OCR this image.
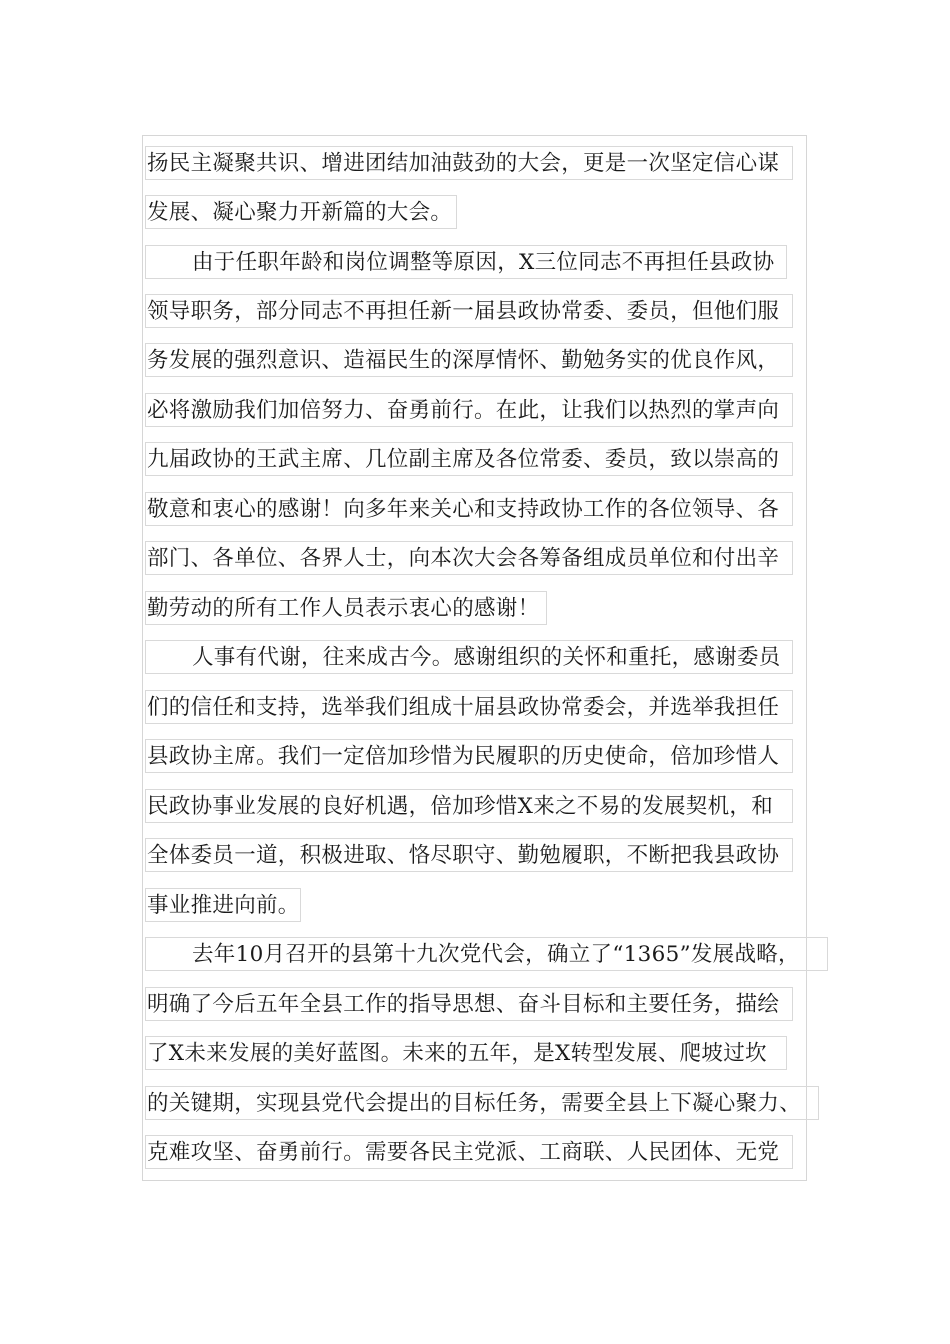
扬民主凝聚共识、增进团结加油鼓劲的大会，更是一次坚定信心谋
发展、凝心聚力开新篇的大会。
由于任职年龄和岗位调整等原因，X三位同志不再担任县政协
领导职务，部分同志不再担任新一届县政协常委、委员，但他们服
务发展的强烈意识、造福民生的深厚情怀、勤勉务实的优良作风，
必将激励我们加倍努力、奋勇前行。在此，让我们以热烈的掌声向
九届政协的王武主席、几位副主席及各位常委、委员，致以崇高的
敬意和衷心的感谢！向多年来关心和支持政协工作的各位领导、各
部门、各单位、各界人士，向本次大会各筹备组成员单位和付出辛
勤劳动的所有工作人员表示衷心的感谢！
人事有代谢，往来成古今。感谢组织的关怀和重托，感谢委员
们的信任和支持，选举我们组成十届县政协常委会，并选举我担任
县政协主席。我们一定倍加珍惜为民履职的历史使命，倍加珍惜人
民政协事业发展的良好机遇，倍加珍惜X来之不易的发展契机，和
全体委员一道，积极进取、恪尽职守、勤勉履职，不断把我县政协
事业推进向前。
去年10月召开的县第十九次党代会，确立了“1365”发展战略，
明确了今后五年全县工作的指导思想、奋斗目标和主要任务，描绘
了X未来发展的美好蓝图。未来的五年，是X转型发展、爬坡过坎
的关键期，实现县党代会提出的目标任务，需要全县上下凝心聚力、
克难攻坚、奋勇前行。需要各民主党派、工商联、人民团体、无党
